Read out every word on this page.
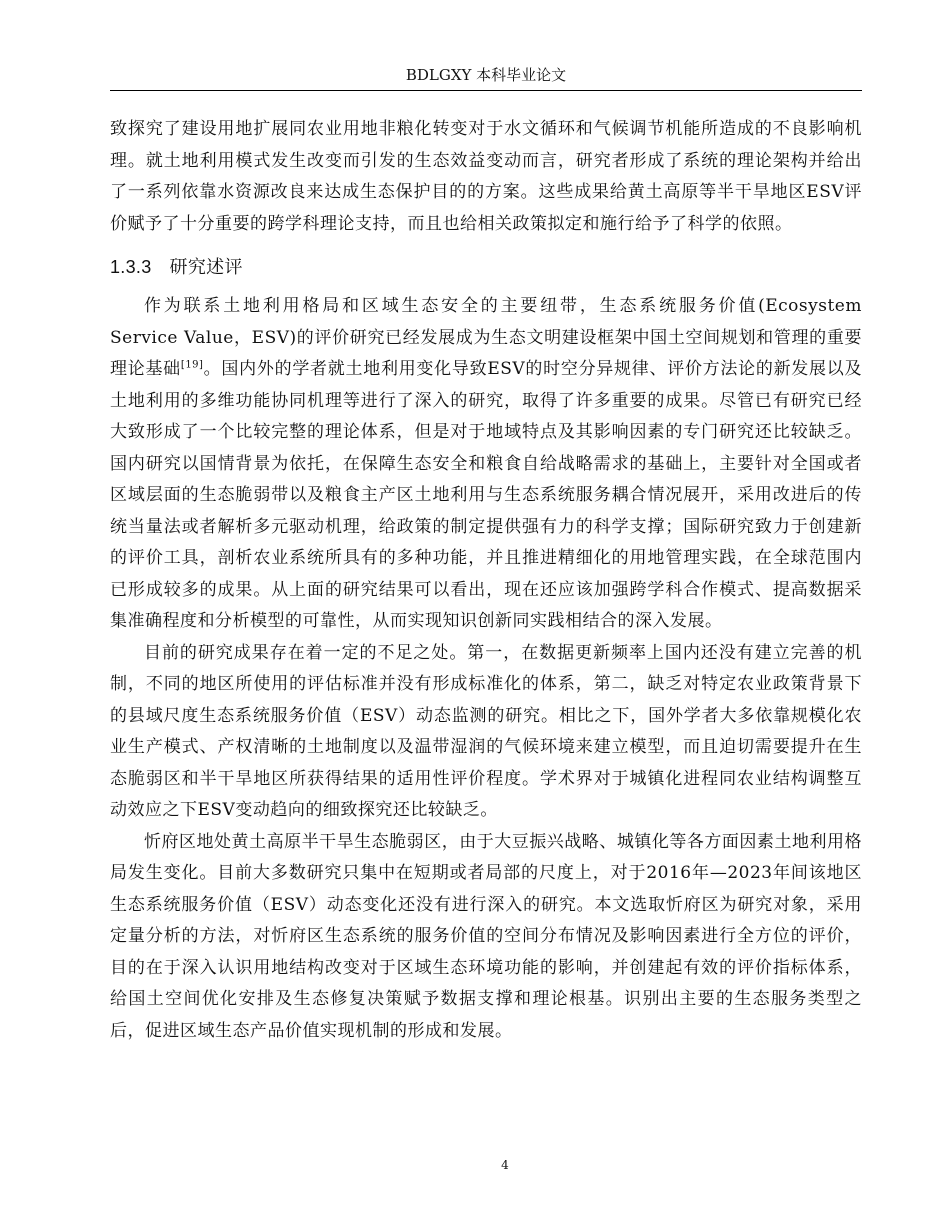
BDLGXY 本科毕业论文

致探究了建设用地扩展同农业用地非粮化转变对于水文循环和气候调节机能所造成的不良影响机理。就土地利用模式发生改变而引发的生态效益变动而言，研究者形成了系统的理论架构并给出了一系列依靠水资源改良来达成生态保护目的的方案。这些成果给黄土高原等半干旱地区ESV评价赋予了十分重要的跨学科理论支持，而且也给相关政策拟定和施行给予了科学的依照。

1.3.3 研究述评

作为联系土地利用格局和区域生态安全的主要纽带，生态系统服务价值(Ecosystem Service Value，ESV)的评价研究已经发展成为生态文明建设框架中国土空间规划和管理的重要理论基础[19]。国内外的学者就土地利用变化导致ESV的时空分异规律、评价方法论的新发展以及土地利用的多维功能协同机理等进行了深入的研究，取得了许多重要的成果。尽管已有研究已经大致形成了一个比较完整的理论体系，但是对于地域特点及其影响因素的专门研究还比较缺乏。国内研究以国情背景为依托，在保障生态安全和粮食自给战略需求的基础上，主要针对全国或者区域层面的生态脆弱带以及粮食主产区土地利用与生态系统服务耦合情况展开，采用改进后的传统当量法或者解析多元驱动机理，给政策的制定提供强有力的科学支撑；国际研究致力于创建新的评价工具，剖析农业系统所具有的多种功能，并且推进精细化的用地管理实践，在全球范围内已形成较多的成果。从上面的研究结果可以看出，现在还应该加强跨学科合作模式、提高数据采集准确程度和分析模型的可靠性，从而实现知识创新同实践相结合的深入发展。

目前的研究成果存在着一定的不足之处。第一，在数据更新频率上国内还没有建立完善的机制，不同的地区所使用的评估标准并没有形成标准化的体系，第二，缺乏对特定农业政策背景下的县域尺度生态系统服务价值（ESV）动态监测的研究。相比之下，国外学者大多依靠规模化农业生产模式、产权清晰的土地制度以及温带湿润的气候环境来建立模型，而且迫切需要提升在生态脆弱区和半干旱地区所获得结果的适用性评价程度。学术界对于城镇化进程同农业结构调整互动效应之下ESV变动趋向的细致探究还比较缺乏。

忻府区地处黄土高原半干旱生态脆弱区，由于大豆振兴战略、城镇化等各方面因素土地利用格局发生变化。目前大多数研究只集中在短期或者局部的尺度上，对于2016年—2023年间该地区生态系统服务价值（ESV）动态变化还没有进行深入的研究。本文选取忻府区为研究对象，采用定量分析的方法，对忻府区生态系统的服务价值的空间分布情况及影响因素进行全方位的评价，目的在于深入认识用地结构改变对于区域生态环境功能的影响，并创建起有效的评价指标体系，给国土空间优化安排及生态修复决策赋予数据支撑和理论根基。识别出主要的生态服务类型之后，促进区域生态产品价值实现机制的形成和发展。

4
